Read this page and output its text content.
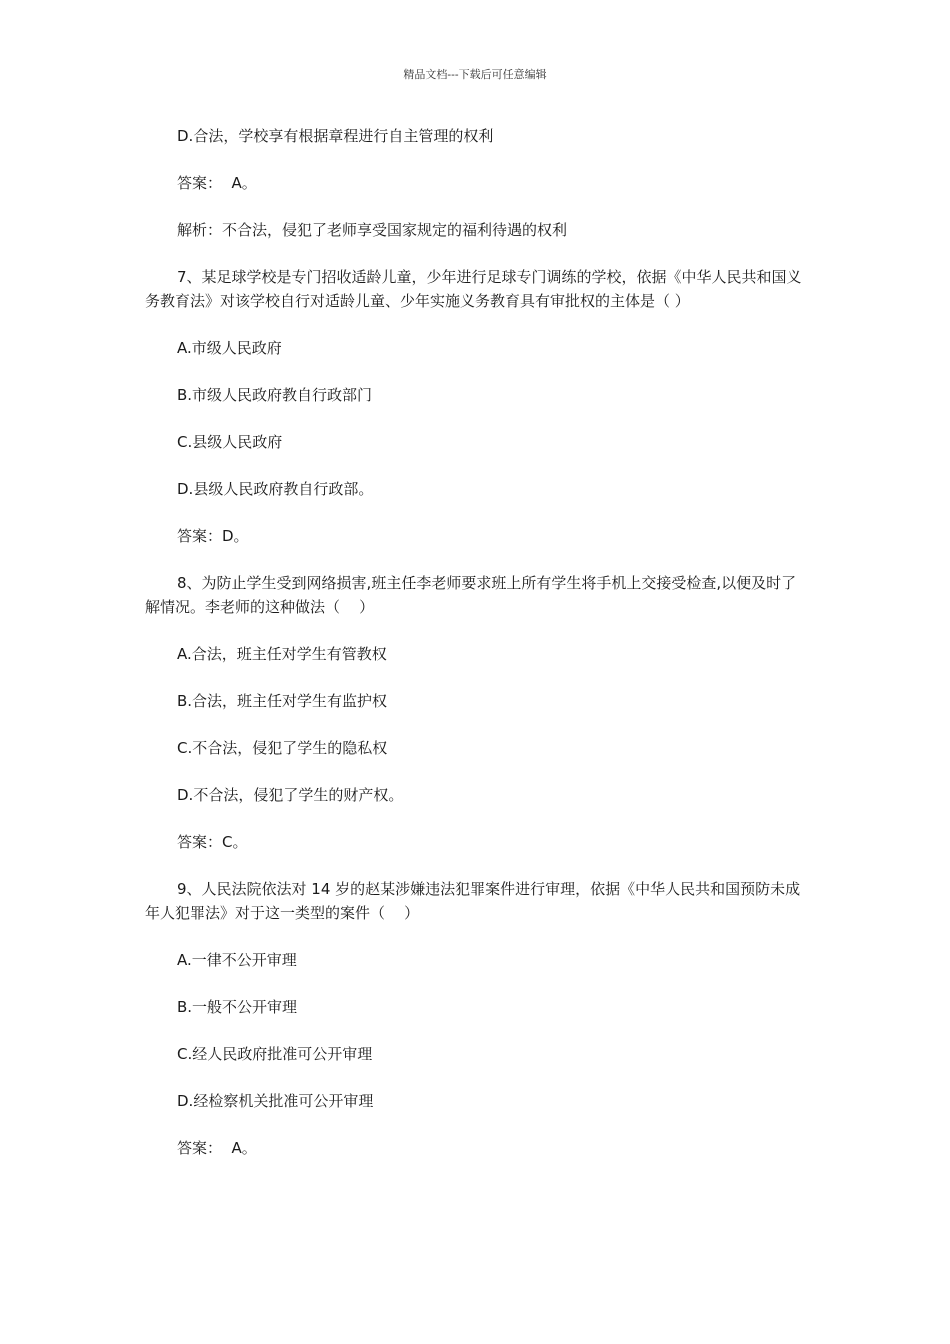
精品文档---下载后可任意编辑
D.合法，学校享有根据章程进行自主管理的权利
答案：  A。
解析：不合法，侵犯了老师享受国家规定的福利待遇的权利
7、某足球学校是专门招收适龄儿童，少年进行足球专门调练的学校，依据《中华人民共和国义务教育法》对该学校自行对适龄儿童、少年实施义务教育具有审批权的主体是（ ）
A.市级人民政府
B.市级人民政府教自行政部门
C.县级人民政府
D.县级人民政府教自行政部。
答案：D。
8、为防止学生受到网络损害,班主任李老师要求班上所有学生将手机上交接受检查,以便及时了解情况。李老师的这种做法（    ）
A.合法，班主任对学生有管教权
B.合法，班主任对学生有监护权
C.不合法，侵犯了学生的隐私权
D.不合法，侵犯了学生的财产权。
答案：C。
9、人民法院依法对 14 岁的赵某涉嫌违法犯罪案件进行审理，依据《中华人民共和国预防未成年人犯罪法》对于这一类型的案件（    ）
A.一律不公开审理
B.一般不公开审理
C.经人民政府批准可公开审理
D.经检察机关批准可公开审理
答案：  A。
